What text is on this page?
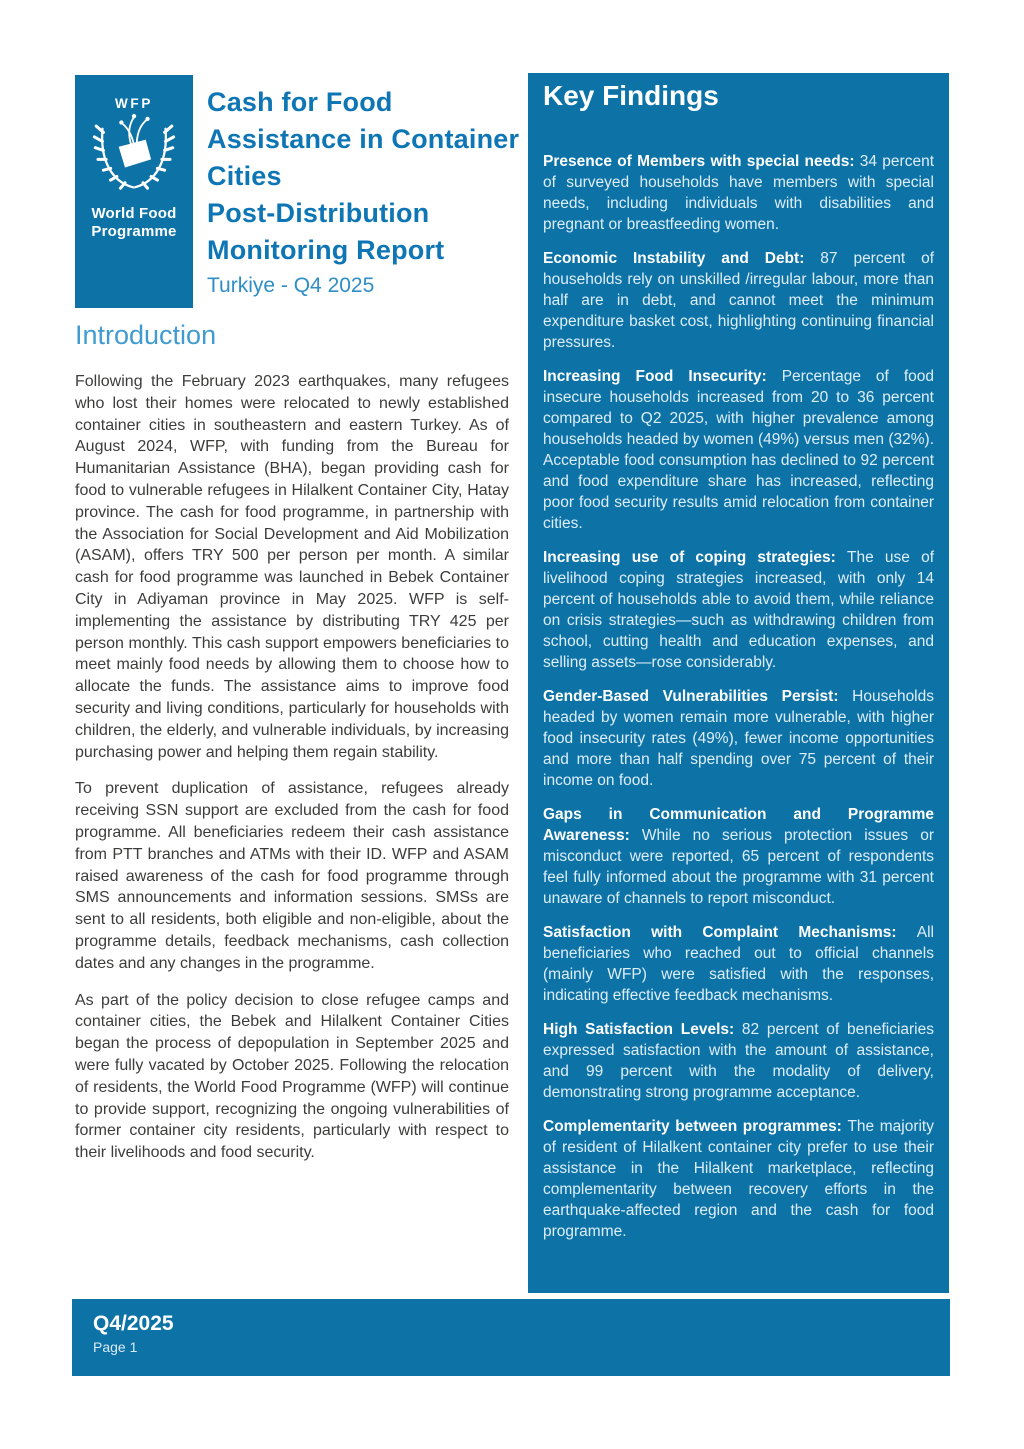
WFP
World Food
Programme
Cash for Food
Assistance in Container
Cities
Post-Distribution
Monitoring Report
Turkiye - Q4 2025
Introduction

Following the February 2023 earthquakes, many refugees who lost their homes were relocated to newly established container cities in southeastern and eastern Turkey. As of August 2024, WFP, with funding from the Bureau for Humanitarian Assistance (BHA), began providing cash for food to vulnerable refugees in Hilalkent Container City, Hatay province. The cash for food programme, in partnership with the Association for Social Development and Aid Mobilization (ASAM), offers TRY 500 per person per month. A similar cash for food programme was launched in Bebek Container City in Adiyaman province in May 2025. WFP is self-implementing the assistance by distributing TRY 425 per person monthly. This cash support empowers beneficiaries to meet mainly food needs by allowing them to choose how to allocate the funds. The assistance aims to improve food security and living conditions, particularly for households with children, the elderly, and vulnerable individuals, by increasing purchasing power and helping them regain stability.

To prevent duplication of assistance, refugees already receiving SSN support are excluded from the cash for food programme. All beneficiaries redeem their cash assistance from PTT branches and ATMs with their ID. WFP and ASAM raised awareness of the cash for food programme through SMS announcements and information sessions. SMSs are sent to all residents, both eligible and non-eligible, about the programme details, feedback mechanisms, cash collection dates and any changes in the programme.

As part of the policy decision to close refugee camps and container cities, the Bebek and Hilalkent Container Cities began the process of depopulation in September 2025 and were fully vacated by October 2025. Following the relocation of residents, the World Food Programme (WFP) will continue to provide support, recognizing the ongoing vulnerabilities of former container city residents, particularly with respect to their livelihoods and food security.

Key Findings

Presence of Members with special needs: 34 percent of surveyed households have members with special needs, including individuals with disabilities and pregnant or breastfeeding women.

Economic Instability and Debt: 87 percent of households rely on unskilled /irregular labour, more than half are in debt, and cannot meet the minimum expenditure basket cost, highlighting continuing financial pressures.

Increasing Food Insecurity: Percentage of food insecure households increased from 20 to 36 percent compared to Q2 2025, with higher prevalence among households headed by women (49%) versus men (32%). Acceptable food consumption has declined to 92 percent and food expenditure share has increased, reflecting poor food security results amid relocation from container cities.

Increasing use of coping strategies: The use of livelihood coping strategies increased, with only 14 percent of households able to avoid them, while reliance on crisis strategies—such as withdrawing children from school, cutting health and education expenses, and selling assets—rose considerably.

Gender-Based Vulnerabilities Persist: Households headed by women remain more vulnerable, with higher food insecurity rates (49%), fewer income opportunities and more than half spending over 75 percent of their income on food.

Gaps in Communication and Programme Awareness: While no serious protection issues or misconduct were reported, 65 percent of respondents feel fully informed about the programme with 31 percent unaware of channels to report misconduct.

Satisfaction with Complaint Mechanisms: All beneficiaries who reached out to official channels (mainly WFP) were satisfied with the responses, indicating effective feedback mechanisms.

High Satisfaction Levels: 82 percent of beneficiaries expressed satisfaction with the amount of assistance, and 99 percent with the modality of delivery, demonstrating strong programme acceptance.

Complementarity between programmes: The majority of resident of Hilalkent container city prefer to use their assistance in the Hilalkent marketplace, reflecting complementarity between recovery efforts in the earthquake-affected region and the cash for food programme.

Q4/2025
Page 1
